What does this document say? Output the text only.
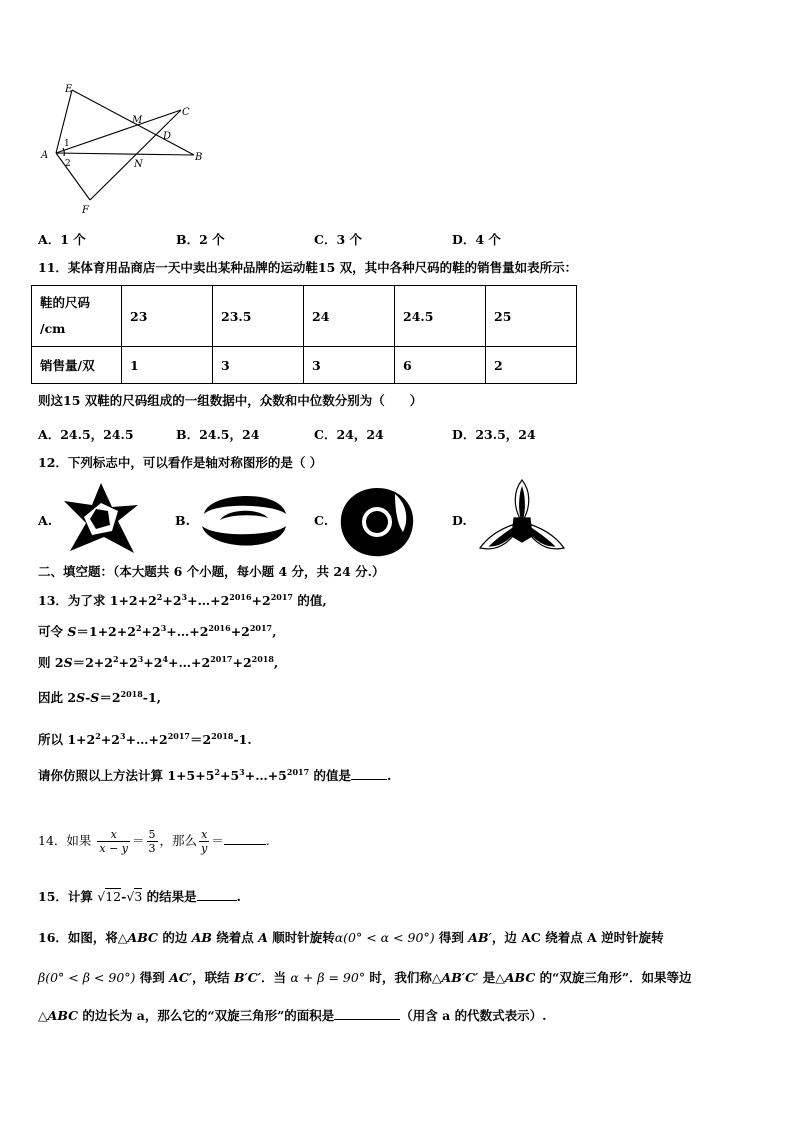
E
C
M
D
A
N
B
F
1
2
A．1 个	B．2 个	C．3 个	D．4 个
11．某体育用品商店一天中卖出某种品牌的运动鞋15 双，其中各种尺码的鞋的销售量如表所示：
鞋的尺码
/cm	23	23.5	24	24.5	25
销售量/双	1	3	3	6	2
则这15 双鞋的尺码组成的一组数据中，众数和中位数分别为（　　）
A．24.5，24.5	B．24.5，24	C．24，24	D．23.5，24
12．下列标志中，可以看作是轴对称图形的是（ ）
A.	B.	C.	D.
二、填空题：（本大题共 6 个小题，每小题 4 分，共 24 分.）
13．为了求 $1+2+2^2+2^3+\dots+2^{2016}+2^{2017}$ 的值,
可令 $S=1+2+2^2+2^3+\dots+2^{2016}+2^{2017}$,
则 $2S=2+2^2+2^3+2^4+\dots+2^{2017}+2^{2018}$,
因此 $2S-S=2^{2018}-1$,
所以 $1+2^2+2^3+\dots+2^{2017}=2^{2018}-1$.
请你仿照以上方法计算 $1+5+5^2+5^3+\dots+5^{2017}$ 的值是	.
14．如果 $\frac{x}{x - y} = \frac{5}{3}$ ，那么 $\frac{x}{y}$ ＝	.
15．计算 √12-√3 的结果是	.
16．如图，将△ABC 的边 AB 绕着点 A 顺时针旋转α(0° < α < 90°) 得到 AB′，边 AC 绕着点 A 逆时针旋转
β(0° < β < 90°) 得到 AC′，联结 B′C′．当 α + β = 90° 时，我们称△AB′C′ 是△ABC 的“双旋三角形”．如果等边
△ABC 的边长为 a，那么它的“双旋三角形”的面积是	（用含 a 的代数式表示）.
